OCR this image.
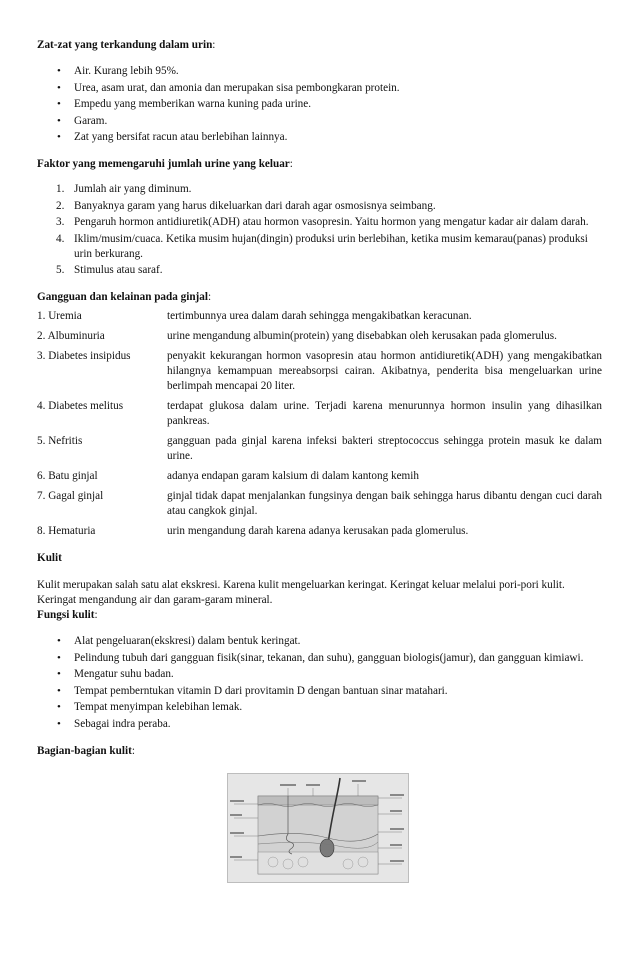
Zat-zat yang terkandung dalam urin:

• Air. Kurang lebih 95%.
• Urea, asam urat, dan amonia dan merupakan sisa pembongkaran protein.
• Empedu yang memberikan warna kuning pada urine.
• Garam.
• Zat yang bersifat racun atau berlebihan lainnya.

Faktor yang memengaruhi jumlah urine yang keluar:

1. Jumlah air yang diminum.
2. Banyaknya garam yang harus dikeluarkan dari darah agar osmosisnya seimbang.
3. Pengaruh hormon antidiuretik(ADH) atau hormon vasopresin. Yaitu hormon yang mengatur kadar air dalam darah.
4. Iklim/musim/cuaca. Ketika musim hujan(dingin) produksi urin berlebihan, ketika musim kemarau(panas) produksi urin berkurang.
5. Stimulus atau saraf.

Gangguan dan kelainan pada ginjal:

1. Uremia	tertimbunnya urea dalam darah sehingga mengakibatkan keracunan.
2. Albuminuria	urine mengandung albumin(protein) yang disebabkan oleh kerusakan pada glomerulus.
3. Diabetes insipidus	penyakit kekurangan hormon vasopresin atau hormon antidiuretik(ADH) yang mengakibatkan hilangnya kemampuan mereabsorpsi cairan. Akibatnya, penderita bisa mengeluarkan urine berlimpah mencapai 20 liter.
4. Diabetes melitus	terdapat glukosa dalam urine. Terjadi karena menurunnya hormon insulin yang dihasilkan pankreas.
5. Nefritis	gangguan pada ginjal karena infeksi bakteri streptococcus sehingga protein masuk ke dalam urine.
6. Batu ginjal	adanya endapan garam kalsium di dalam kantong kemih
7. Gagal ginjal	ginjal tidak dapat menjalankan fungsinya dengan baik sehingga harus dibantu dengan cuci darah atau cangkok ginjal.
8. Hematuria	urin mengandung darah karena adanya kerusakan pada glomerulus.

Kulit

Kulit merupakan salah satu alat ekskresi. Karena kulit mengeluarkan keringat. Keringat keluar melalui pori-pori kulit. Keringat mengandung air dan garam-garam mineral.

Fungsi kulit:

• Alat pengeluaran(ekskresi) dalam bentuk keringat.
• Pelindung tubuh dari gangguan fisik(sinar, tekanan, dan suhu), gangguan biologis(jamur), dan gangguan kimiawi.
• Mengatur suhu badan.
• Tempat pemberntukan vitamin D dari provitamin D dengan bantuan sinar matahari.
• Tempat menyimpan kelebihan lemak.
• Sebagai indra peraba.

Bagian-bagian kulit:
